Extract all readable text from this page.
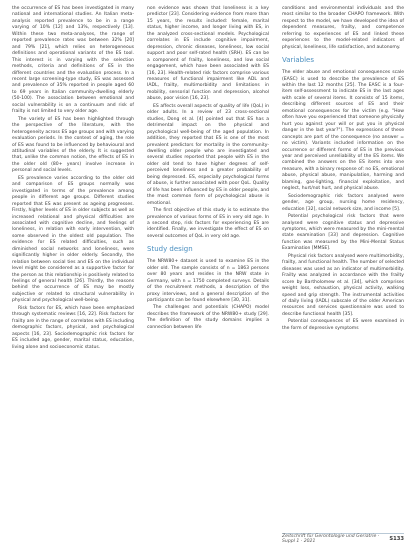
the occurrence of ES has been investigated in many national and international studies. An Italian meta-analysis reported prevalence to be in a range varying of 10% [12] and 13%, respectively [13]. Within these two meta-analyses, the range of reported prevalence rates was between 32% [20] and 79% [21], which relies on heterogeneous definitions and operational variants of the ES tool. This interest is in varying with the selection methods, criteria and definitions of ES in the different countries and the evaluation process. In a recent large screening-type study, ES was assessed and prevalence of 35% reported in people aged 60 to 69 years in Italian community-dwelling elderly (50-100). The association between emotional and social vulnerability is on a continuum and risk of frailty is not limited to very older age.

The variety of ES has been highlighted through the perspective of the literature, with the heterogeneity across ES age groups and with varying evaluation periods. In the context of aging, the role of ES was found to be influenced by behavioural and attitudinal variables of the elderly. It is suggested that, unlike the common notion, the effects of ES in the older old (80+ years) involve increase in personal and social levels.

ES prevalence varies according to the older old and comparison of ES groups normally was investigated in terms of the prevalence among people in different age groups. Different studies reported that ES was present as ageing progresses. Firstly, higher levels of ES in older subjects as well as increased relational and physical difficulties are associated with cognitive decline, and feelings of loneliness, in relation with early intervention, with some observed in the oldest old population. The evidence for ES related difficulties, such as diminished social networks and loneliness, were significantly higher in older elderly. Secondly, the relation between social ties and ES on the individual level might be considered as a supportive factor for the person as this relationship is positively related to feelings of general health [26]. Thirdly, the reasons behind the occurrence of ES may be mostly subjective or related to structural vulnerability in physical and psychological well-being.

Risk factors for ES, which have been emphasized through systematic reviews [16, 22]. Risk factors for frailty are in the range of correlates with ES including demographic factors, physical, and psychological aspects [16, 23]. Sociodemographic risk factors for ES included age, gender, marital status, education, living alone and socioeconomic status.

non evidence was shown that loneliness is a key predictor [23]. Considering evidence from more than 15 years, the results included: female, marital status, higher income, and longer living with ES, in the analyzed cross-sectional models. Psychological correlates in ES include cognitive impairment, depression, chronic diseases, loneliness, low social support and poor self-rated health (SRH). ES can be a component of frailty, loneliness, and low social engagement, which have been associated with ES [16, 23]. Health-related risk factors comprise various measures of functional impairment like ADL and IADL, frailty, multimorbidity and limitations in mobility, sensorial function and depression, alcohol abuse, poor vision [16, 23].

ES affects overall aspects of quality of life (QoL) in older adults. In a review of 23 cross-sectional studies, Dong et al. [4] pointed out that ES has a detrimental impact on the physical and psychological well-being of the aged population. In addition, they reported that ES is one of the most prevalent predictors for mortality in the community-dwelling older people who are investigated and several studies reported that people with ES in the older old tend to have higher degrees of self-perceived loneliness and a greater probability of being depressed. ES, especially psychological forms of abuse, is further associated with poor QoL. Quality of life has been influenced by ES in older people, and the most common form of psychological abuse is emotional.

The first objective of this study is to estimate the prevalence of various forms of ES in very old age. In a second step, risk factors for experiencing ES are identified. Finally, we investigate the effect of ES on several outcomes of QoL in very old age.

Study design

The NRW80+ dataset is used to examine ES in the older old. The sample consists of n = 1863 persons over 80 years and resides in the NRW state in Germany, with n = 1750 completed surveys. Details of the recruitment methods, a description of the proxy interviews, and a general description of the participants can be found elsewhere [30, 31].

The challenges and potentials (CHAPO) model describes the framework of the NRW80+ study [29]. The definition of the study domains implies a connection between life

conditions and environmental individuals and the most similar to the broader CHAPO framework. With respect to the model, we have developed the idea of dependent measures, frailty, and competence referring to experiences of ES and linked these experiences to the model-related indicators of physical, loneliness, life satisfaction, and autonomy.

Variables

The elder abuse and emotional consequences scale (EASC) is used to describe the prevalence of ES within the last 12 months [25]. The EASC is a four-item self-assessment to indicate ES in the last ages with scale of several items. It consists of 15 items, describing different sources of ES and their emotional consequences for the victim (e.g. "How often have you experienced that someone physically hurt you against your will or put you in physical danger in the last year?"). The expressions of these concepts are part of the consequence (no answer = no victim). Variants included information on the occurrence or different forms of ES in the previous year and perceived unreliability of the ES items. We combined the answers on the ES items into one measure, with a binary response of: no ES, emotional abuse, physical abuse, manipulation, harming and blaming, gas-lighting, financial exploitation, and neglect, hurt/not hurt, and physical abuse.

Sociodemographic risk factors analysed were gender, age group, nursing home residency, education [32], social network size, and income [5].

Potential psychological risk factors that were analysed were cognitive status and depressive symptoms, which were measured by the mini-mental state examination [33] and depression. Cognitive function was measured by the Mini-Mental Status Examination [MMSE].

Physical risk factors analysed were multimorbidity, frailty, and functional health. The number of selected diseases was used as an indicator of multimorbidity. Frailty was analyzed in accordance with the frailty score by Bartholomew et al. [34], which comprises weight loss, exhaustion, physical activity, walking speed and grip strength. The instrumental activities of daily living (IADL) subscale of the older American resources and services questionnaire was used to describe functional health [35].

Potential consequences of ES were examined in the form of depressive symptoms

Zeitschrift für Gerontologie und Geriatrie · Suppl 1 · 2021	S133
